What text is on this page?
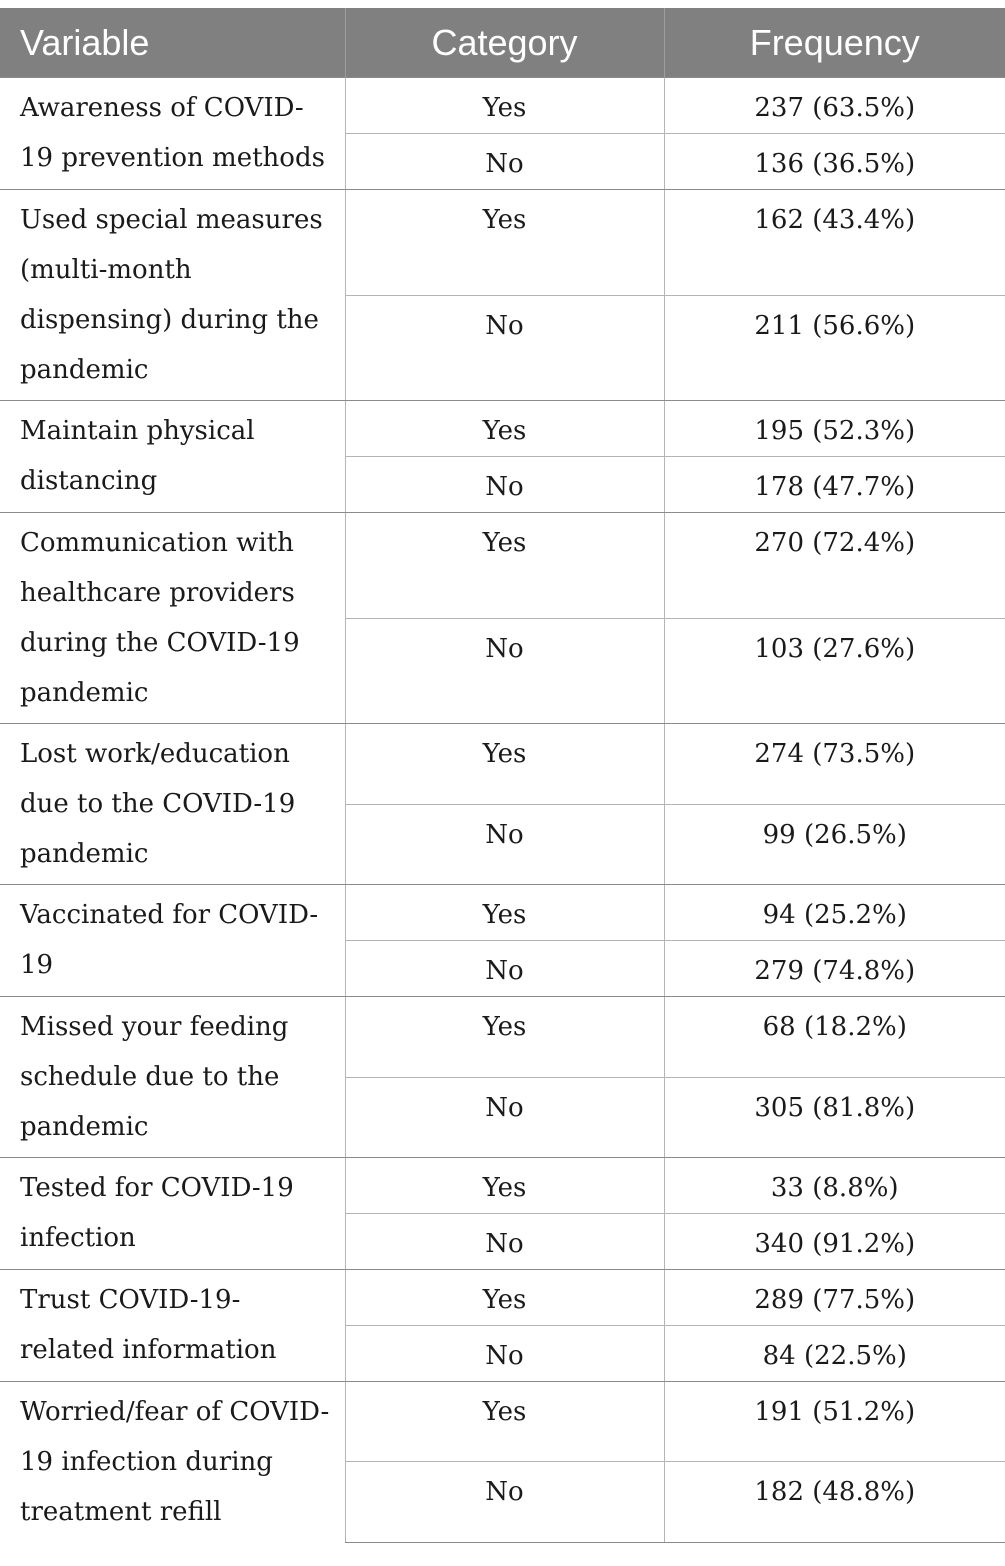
Variable	Category	Frequency
Awareness of COVID-19 prevention methods	Yes	237 (63.5%)
	No	136 (36.5%)
Used special measures (multi-month dispensing) during the pandemic	Yes	162 (43.4%)
	No	211 (56.6%)
Maintain physical distancing	Yes	195 (52.3%)
	No	178 (47.7%)
Communication with healthcare providers during the COVID-19 pandemic	Yes	270 (72.4%)
	No	103 (27.6%)
Lost work/education due to the COVID-19 pandemic	Yes	274 (73.5%)
	No	99 (26.5%)
Vaccinated for COVID-19	Yes	94 (25.2%)
	No	279 (74.8%)
Missed your feeding schedule due to the pandemic	Yes	68 (18.2%)
	No	305 (81.8%)
Tested for COVID-19 infection	Yes	33 (8.8%)
	No	340 (91.2%)
Trust COVID-19-related information	Yes	289 (77.5%)
	No	84 (22.5%)
Worried/fear of COVID-19 infection during treatment refill	Yes	191 (51.2%)
	No	182 (48.8%)
